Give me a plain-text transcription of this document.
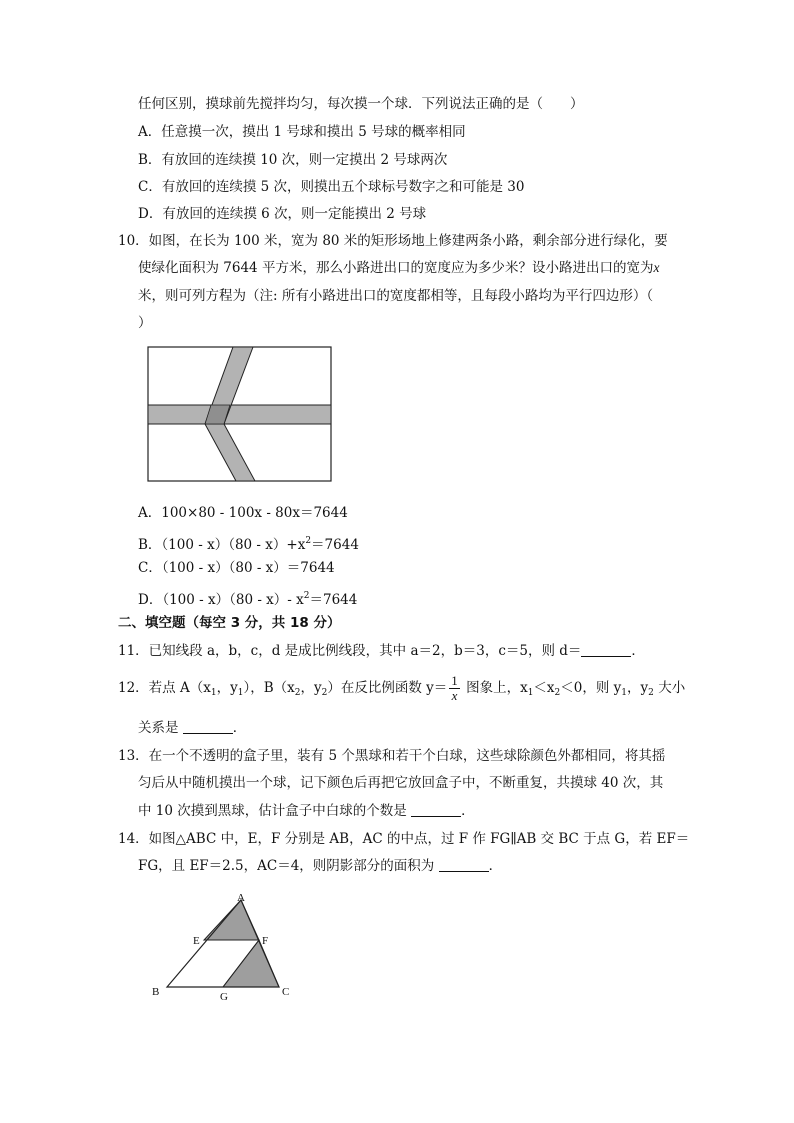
任何区别，摸球前先搅拌均匀，每次摸一个球．下列说法正确的是（　　）
A．任意摸一次，摸出 1 号球和摸出 5 号球的概率相同
B．有放回的连续摸 10 次，则一定摸出 2 号球两次
C．有放回的连续摸 5 次，则摸出五个球标号数字之和可能是 30
D．有放回的连续摸 6 次，则一定能摸出 2 号球
10．如图，在长为 100 米，宽为 80 米的矩形场地上修建两条小路，剩余部分进行绿化，要
使绿化面积为 7644 平方米，那么小路进出口的宽度应为多少米？设小路进出口的宽为x
米，则可列方程为（注: 所有小路进出口的宽度都相等，且每段小路均为平行四边形）（
）
A．100×80 - 100x - 80x＝7644
B．$(100 - x)(80 - x)+x^2=7644$
C．（100 - x）（80 - x）＝7644
D．（100 - x）（80 - x）- $x^2=7644$
二、填空题（每空 3 分，共 18 分）
11．已知线段 a，b，c，d 是成比例线段，其中 a＝2，b＝3，c＝5，则 d＝	．
12．若点 $A(x_1$，$y_1$），$B(x_2$，$y_2$）在反比例函数 $y= \frac{1}{x}$ 图象上，$x_1<x_2<0$，则 $y_1$，$y_2$ 大小
关系是	．
13．在一个不透明的盒子里，装有 5 个黑球和若干个白球，这些球除颜色外都相同，将其摇
匀后从中随机摸出一个球，记下颜色后再把它放回盒子中，不断重复，共摸球 40 次，其
中 10 次摸到黑球，估计盒子中白球的个数是	．
14．如图△ABC 中，E，F 分别是 AB，AC 的中点，过 F 作 FG∥AB 交 BC 于点 G，若 EF＝
FG，且 EF＝2.5，AC＝4，则阴影部分的面积为	．
A
E	F
B	G	C
